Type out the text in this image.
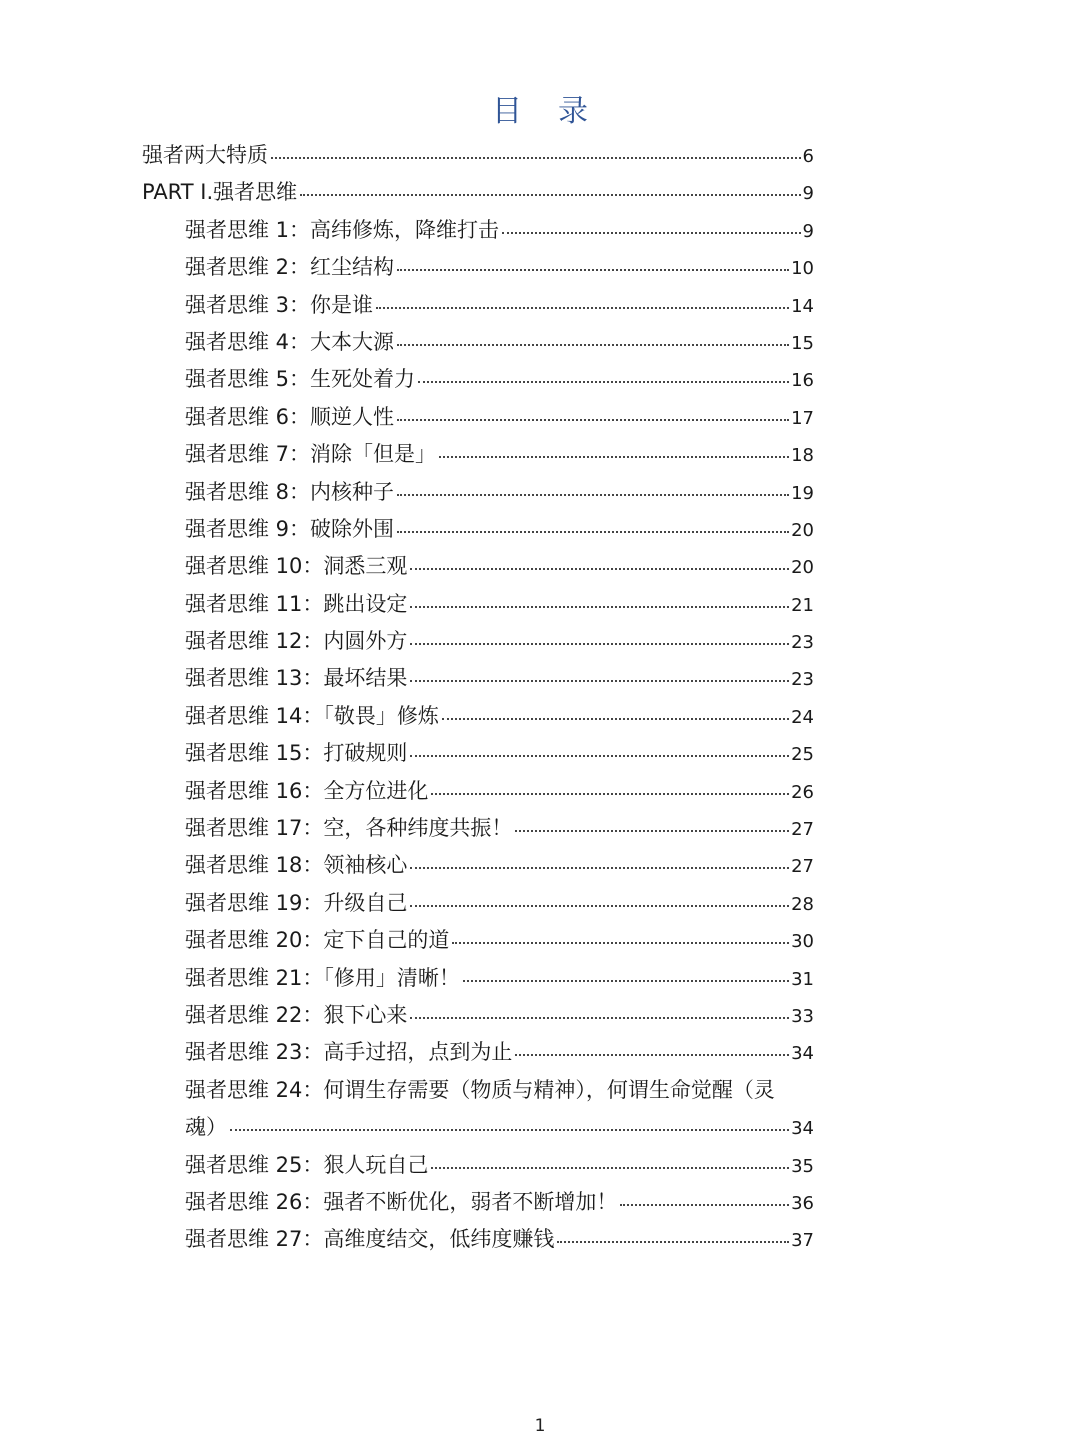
目录
强者两大特质	6
PART Ⅰ.强者思维	9
强者思维 1：高纬修炼，降维打击	9
强者思维 2：红尘结构	10
强者思维 3：你是谁	14
强者思维 4：大本大源	15
强者思维 5：生死处着力	16
强者思维 6：顺逆人性	17
强者思维 7：消除「但是」	18
强者思维 8：内核种子	19
强者思维 9：破除外围	20
强者思维 10：洞悉三观	20
强者思维 11：跳出设定	21
强者思维 12：内圆外方	23
强者思维 13：最坏结果	23
强者思维 14：「敬畏」修炼	24
强者思维 15：打破规则	25
强者思维 16：全方位进化	26
强者思维 17：空，各种纬度共振！	27
强者思维 18：领袖核心	27
强者思维 19：升级自己	28
强者思维 20：定下自己的道	30
强者思维 21：「修用」清晰！	31
强者思维 22：狠下心来	33
强者思维 23：高手过招，点到为止	34
强者思维 24：何谓生存需要（物质与精神），何谓生命觉醒（灵
魂）	34
强者思维 25：狠人玩自己	35
强者思维 26：强者不断优化，弱者不断增加！	36
强者思维 27：高维度结交，低纬度赚钱	37
1
